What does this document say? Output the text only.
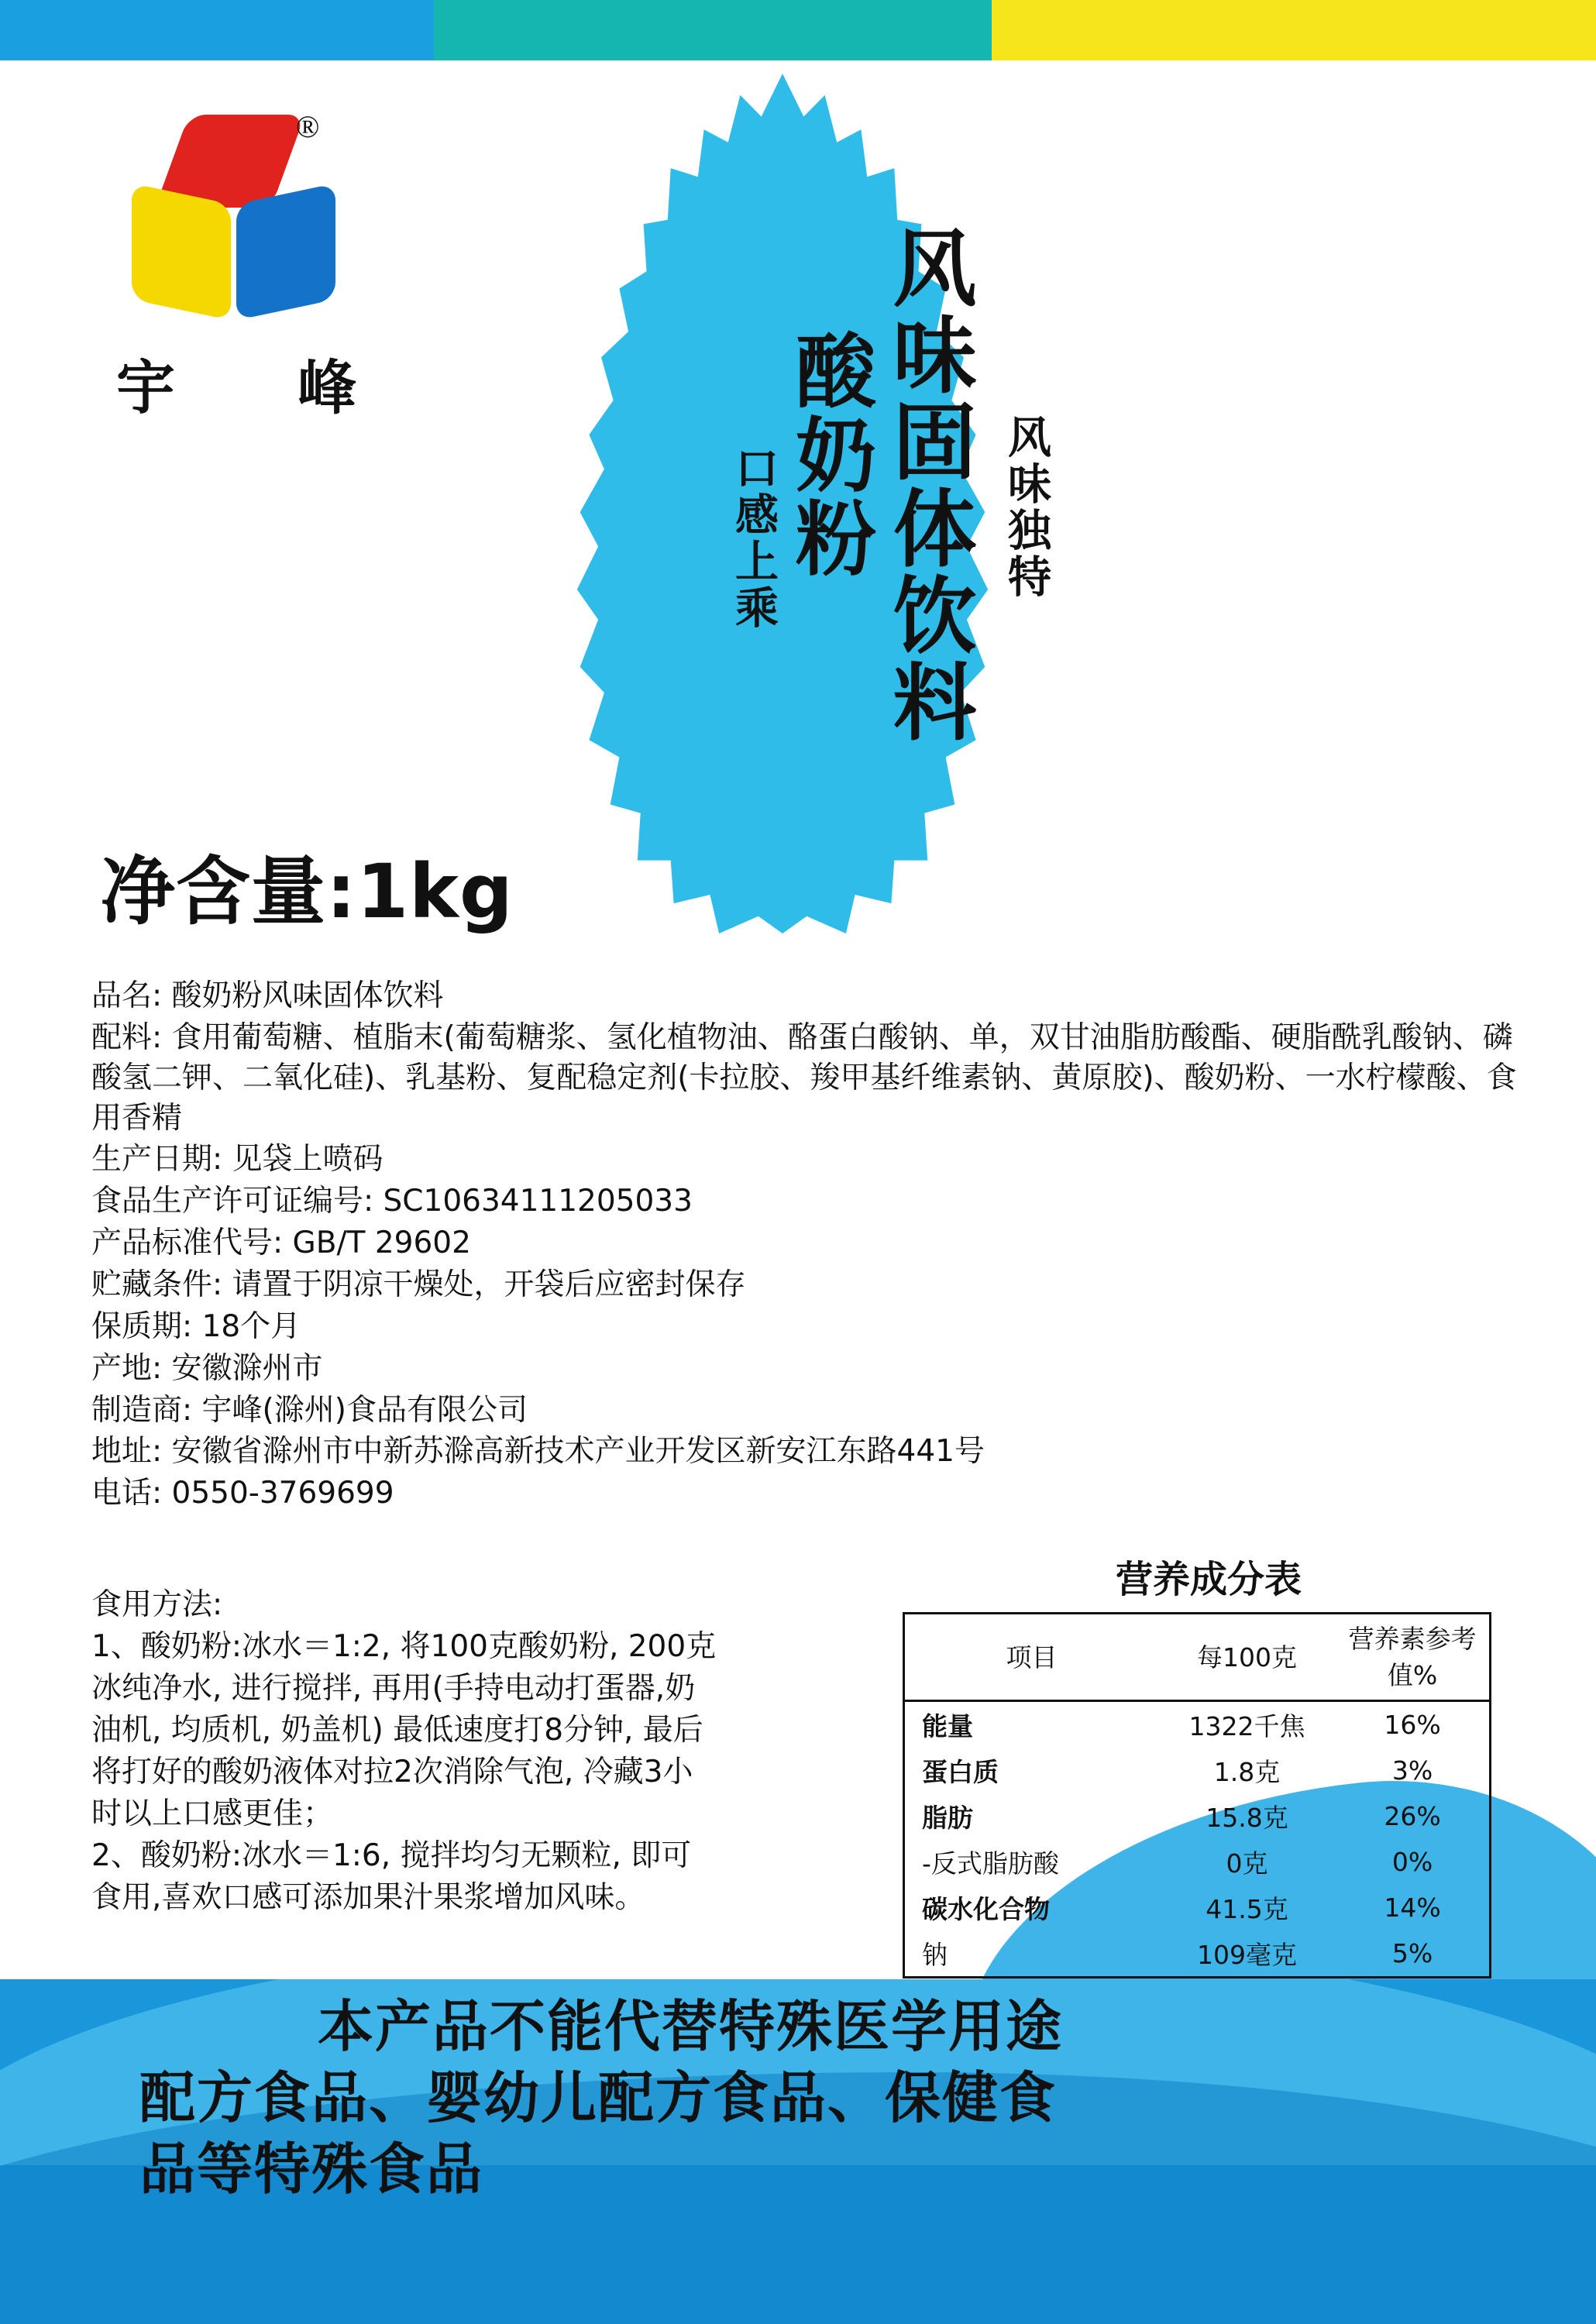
®
宇 峰	风味固体饮料
酸奶粉
口感上乘	风味独特
净含量:1kg
品名: 酸奶粉风味固体饮料
配料: 食用葡萄糖、植脂末(葡萄糖浆、氢化植物油、酪蛋白酸钠、单，双甘油脂肪酸酯、硬脂酰乳酸钠、磷酸氢二钾、二氧化硅)、乳基粉、复配稳定剂(卡拉胶、羧甲基纤维素钠、黄原胶)、酸奶粉、一水柠檬酸、食用香精
生产日期: 见袋上喷码
食品生产许可证编号: SC10634111205033
产品标准代号: GB/T 29602
贮藏条件: 请置于阴凉干燥处，开袋后应密封保存
保质期: 18个月
产地: 安徽滁州市
制造商: 宇峰(滁州)食品有限公司
地址: 安徽省滁州市中新苏滁高新技术产业开发区新安江东路441号
电话: 0550-3769699
食用方法:
1、酸奶粉:冰水＝1:2, 将100克酸奶粉, 200克
冰纯净水, 进行搅拌, 再用(手持电动打蛋器,奶
油机, 均质机, 奶盖机) 最低速度打8分钟, 最后
将打好的酸奶液体对拉2次消除气泡, 冷藏3小
时以上口感更佳；
2、酸奶粉:冰水＝1:6, 搅拌均匀无颗粒, 即可
食用,喜欢口感可添加果汁果浆增加风味。
营养成分表
项目	每100克	营养素参考值%
能量	1322千焦	16%
蛋白质	1.8克	3%
脂肪	15.8克	26%
-反式脂肪酸	0克	0%
碳水化合物	41.5克	14%
钠	109毫克	5%
本产品不能代替特殊医学用途
配方食品、婴幼儿配方食品、保健食
品等特殊食品
